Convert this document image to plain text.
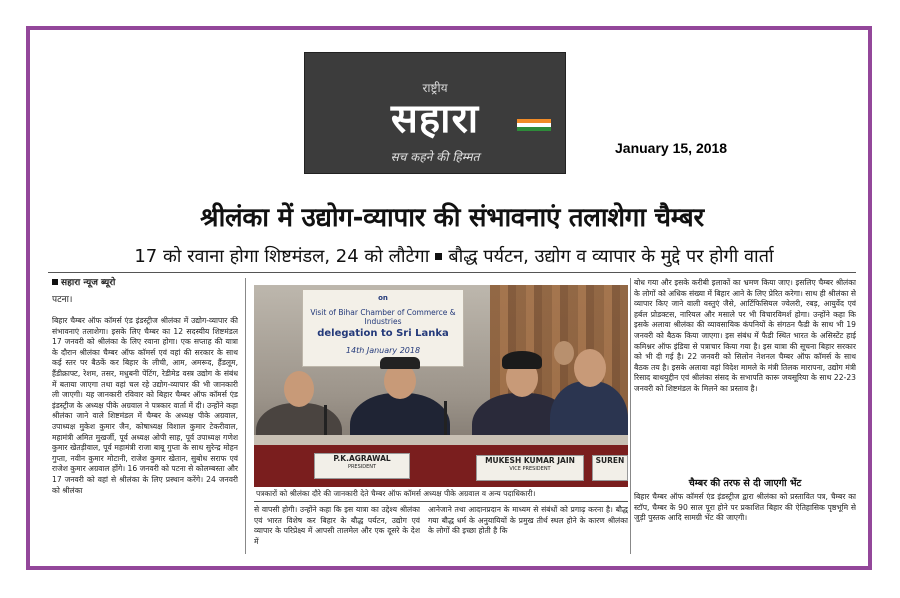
राष्ट्रीय
सहारा
सच कहने की हिम्मत
January 15, 2018
श्रीलंका में उद्योग-व्यापार की संभावनाएं तलाशेगा चैम्बर
17 को रवाना होगा शिष्टमंडल, 24 को लौटेगा बौद्ध पर्यटन, उद्योग व व्यापार के मुद्दे पर होगी वार्ता
सहारा न्यूज ब्यूरो
पटना।

बिहार चैम्बर ऑफ कॉमर्स एंड इंडस्ट्रीज श्रीलंका में उद्योग-व्यापार की संभावनाएं तलाशेगा। इसके लिए चैम्बर का 12 सदस्यीय शिष्टमंडल 17 जनवरी को श्रीलंका के लिए रवाना होगा। एक सप्ताह की यात्रा के दौरान श्रीलंका चैम्बर ऑफ कॉमर्स एवं वहां की सरकार के साथ कई स्तर पर बैठकें कर बिहार के लीची, आम, अमरूद, हैंडलूम, हैंडीक्राफ्ट, रेशम, तसर, मधुबनी पेंटिंग, रेडीमेड वस्त्र उद्योग के संबंध में बताया जाएगा तथा वहां चल रहे उद्योग-व्यापार की भी जानकारी ली जाएगी। यह जानकारी रविवार को बिहार चैम्बर ऑफ कॉमर्स एंड इंडस्ट्रीज के अध्यक्ष पीके अग्रवाल ने पत्रकार वार्ता में दी। उन्होंने कहा श्रीलंका जाने वाले शिष्टमंडल में चैम्बर के अध्यक्ष पीके अग्रवाल, उपाध्यक्ष मुकेश कुमार जैन, कोषाध्यक्ष विशाल कुमार टेकरीवाल, महामंत्री अमित मुखर्जी, पूर्व अध्यक्ष ओपी साह, पूर्व उपाध्यक्ष गणेश कुमार खेतड़ीवाल, पूर्व महामंत्री राजा बाबू गुप्ता के साथ सुरेन्द्र मोहन गुप्ता, नवीन कुमार मोटानी, राजेश कुमार खेतान, सुबोध सराफ एवं राजेश कुमार अग्रवाल होंगे। 16 जनवरी को पटना से कोलम्बस्ता और 17 जनवरी को वहां से श्रीलंका के लिए प्रस्थान करेंगे। 24 जनवरी को श्रीलंका

on
Visit of Bihar Chamber of Commerce & Industries
delegation to Sri Lanka
14th January 2018
P.K.AGRAWAL
PRESIDENT
MUKESH KUMAR JAIN
VICE PRESIDENT
SUREN
पत्रकारों को श्रीलंका दौरे की जानकारी देते चैम्बर ऑफ कॉमर्स अध्यक्ष पीके अग्रवाल व अन्य पदाधिकारी।

से वापसी होगी। उन्होंने कहा कि इस यात्रा का उद्देश्य श्रीलंका एवं भारत विशेष कर बिहार के बौद्ध पर्यटन, उद्योग एवं व्यापार के परिप्रेक्ष्य में आपसी तालमेल और एक दूसरे के देश में

आनेजाने तथा आदानप्रदान के माध्यम से संबंधों को प्रगाढ़ करना है। बौद्ध गया बौद्ध धर्म के अनुयायियों के प्रमुख तीर्थ स्थल होने के कारण श्रीलंका के लोगों की इच्छा होती है कि

बोध गया और इसके करीबी इलाकों का भ्रमण किया जाए। इसलिए चैम्बर श्रीलंका के लोगों को अधिक संख्या में बिहार आने के लिए प्रेरित करेगा। साथ ही श्रीलंका से व्यापार किए जाने वाली वस्तुएं जैसे, आर्टिफिसियल ज्वेलरी, रबड़, आयुर्वेद एवं हर्बल प्रोडक्टस, नारियल और मसाले पर भी विचारविमर्श होगा। उन्होंने कहा कि इसके अलावा श्रीलंका की व्यावसायिक कंपनियों के संगठन फैडी के साथ भी 19 जनवरी को बैठक किया जाएगा। इस संबंध में फैडी स्थित भारत के असिस्टेंट हाई कमिश्नर ऑफ इंडिया से पत्राचार किया गया है। इस यात्रा की सूचना बिहार सरकार को भी दी गई है। 22 जनवरी को सिलोन नेशनल चैम्बर ऑफ कॉमर्स के साथ बैठक तय है। इसके अलावा वहां विदेश मामले के मंत्री तिलक मारापना, उद्योग मंत्री रिसाद बाथयुद्दीन एवं श्रीलंका संसद के सभापति कारू जयसूरिया के साथ 22-23 जनवरी को शिष्टमंडल के मिलने का प्रस्ताव है।

चैम्बर की तरफ से दी जाएगी भेंट

बिहार चैम्बर ऑफ कॉमर्स एंड इंडस्ट्रीज द्वारा श्रीलंका को प्रस्तावित पत्र, चैम्बर का स्टॉप, चैम्बर के 90 साल पूरा होने पर प्रकाशित बिहार की ऐतिहासिक पृष्ठभूमि से जुड़ी पुस्तक आदि सामग्री भेंट की जाएगी।
